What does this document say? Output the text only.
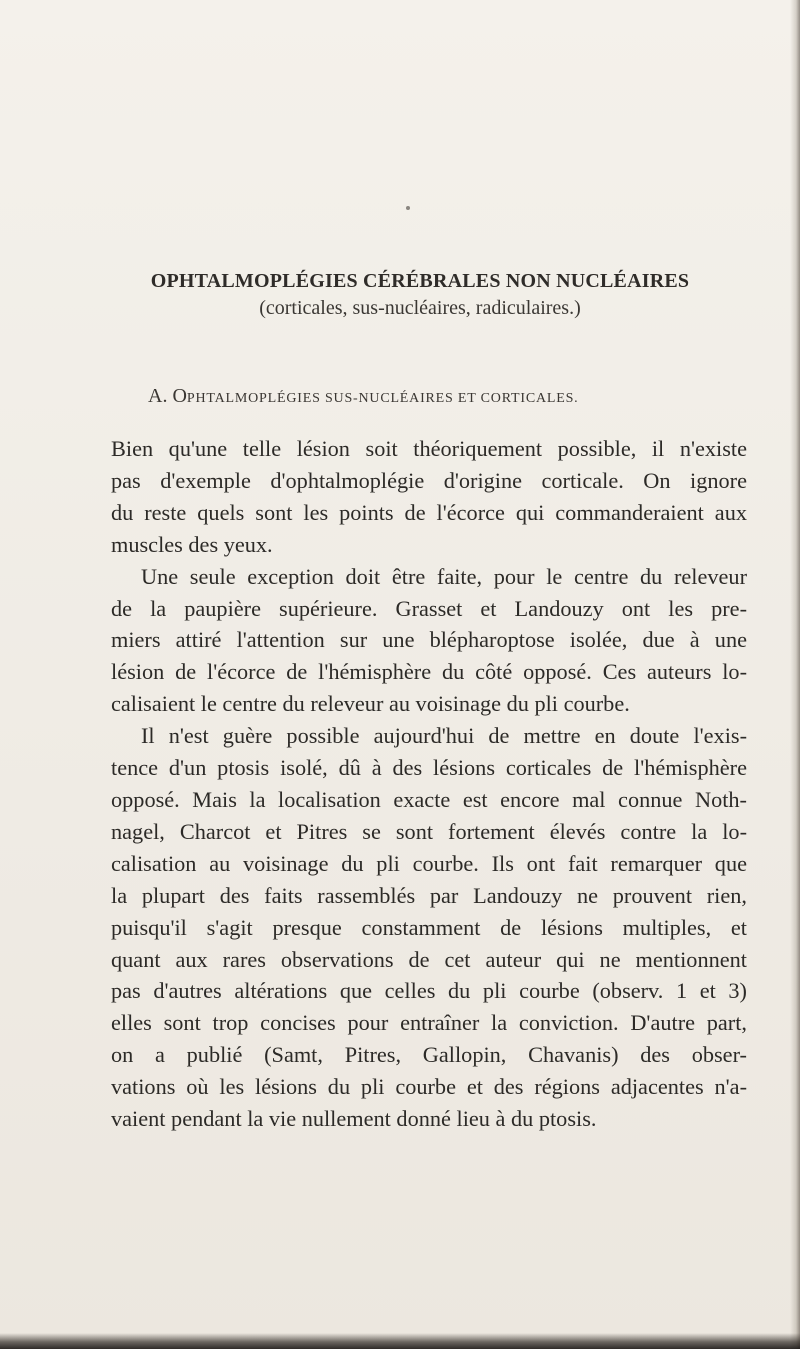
OPHTALMOPLÉGIES CÉRÉBRALES NON NUCLÉAIRES
(corticales, sus-nucléaires, radiculaires.)
A. OPHTALMOPLÉGIES SUS-NUCLÉAIRES ET CORTICALES.
Bien qu'une telle lésion soit théoriquement possible, il n'existe
pas d'exemple d'ophtalmoplégie d'origine corticale. On ignore
du reste quels sont les points de l'écorce qui commanderaient aux
muscles des yeux.
Une seule exception doit être faite, pour le centre du releveur
de la paupière supérieure. Grasset et Landouzy ont les pre-
miers attiré l'attention sur une blépharoptose isolée, due à une
lésion de l'écorce de l'hémisphère du côté opposé. Ces auteurs lo-
calisaient le centre du releveur au voisinage du pli courbe.
Il n'est guère possible aujourd'hui de mettre en doute l'exis-
tence d'un ptosis isolé, dû à des lésions corticales de l'hémisphère
opposé. Mais la localisation exacte est encore mal connue Noth-
nagel, Charcot et Pitres se sont fortement élevés contre la lo-
calisation au voisinage du pli courbe. Ils ont fait remarquer que
la plupart des faits rassemblés par Landouzy ne prouvent rien,
puisqu'il s'agit presque constamment de lésions multiples, et
quant aux rares observations de cet auteur qui ne mentionnent
pas d'autres altérations que celles du pli courbe (observ. 1 et 3)
elles sont trop concises pour entraîner la conviction. D'autre part,
on a publié (Samt, Pitres, Gallopin, Chavanis) des obser-
vations où les lésions du pli courbe et des régions adjacentes n'a-
vaient pendant la vie nullement donné lieu à du ptosis.
